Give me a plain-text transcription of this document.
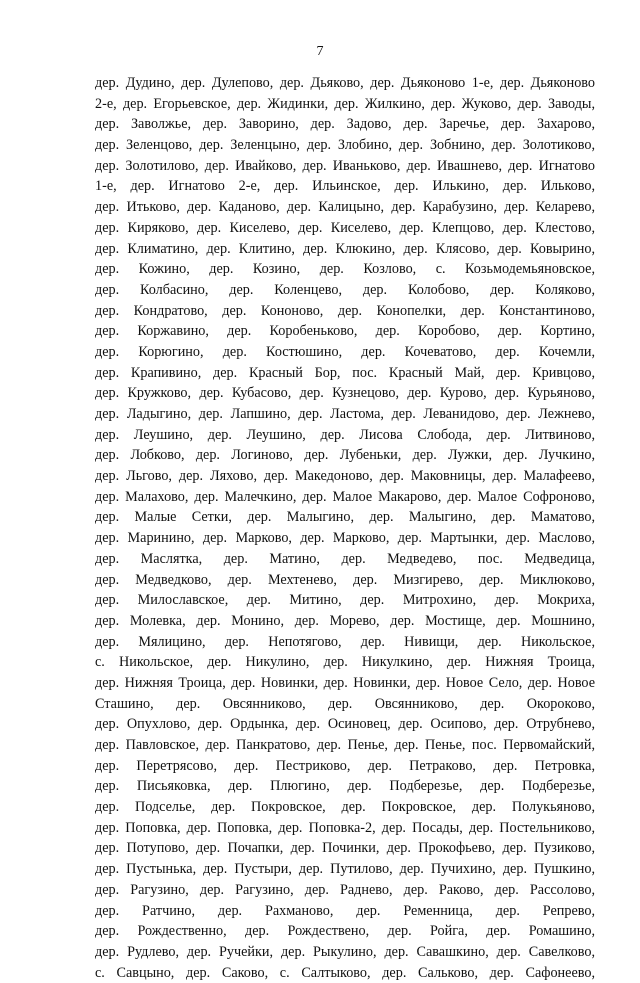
7
дер. Дудино, дер. Дулепово, дер. Дьяково, дер. Дьяконово 1-е, дер. Дьяконово
2-е, дер. Егорьевское, дер. Жидинки, дер. Жилкино, дер. Жуково, дер. Заводы,
дер. Заволжье, дер. Заворино, дер. Задово, дер. Заречье, дер. Захарово,
дер. Зеленцово, дер. Зеленцыно, дер. Злобино, дер. Зобнино, дер. Золотиково,
дер. Золотилово, дер. Ивайково, дер. Иваньково, дер. Ивашнево, дер. Игнатово
1-е, дер. Игнатово 2-е, дер. Ильинское, дер. Илькино, дер. Ильково,
дер. Итьково, дер. Каданово, дер. Калицыно, дер. Карабузино, дер. Келарево,
дер. Киряково, дер. Киселево, дер. Киселево, дер. Клепцово, дер. Клестово,
дер. Климатино, дер. Клитино, дер. Клюкино, дер. Клясово, дер. Ковырино,
дер. Кожино, дер. Козино, дер. Козлово, с. Козьмодемьяновское,
дер. Колбасино, дер. Коленцево, дер. Колобово, дер. Коляково,
дер. Кондратово, дер. Кононово, дер. Конопелки, дер. Константиново,
дер. Коржавино, дер. Коробеньково, дер. Коробово, дер. Кортино,
дер. Корюгино, дер. Костюшино, дер. Кочеватово, дер. Кочемли,
дер. Крапивино, дер. Красный Бор, пос. Красный Май, дер. Кривцово,
дер. Кружково, дер. Кубасово, дер. Кузнецово, дер. Курово, дер. Курьяново,
дер. Ладыгино, дер. Лапшино, дер. Ластома, дер. Леванидово, дер. Лежнево,
дер. Леушино, дер. Леушино, дер. Лисова Слобода, дер. Литвиново,
дер. Лобково, дер. Логиново, дер. Лубеньки, дер. Лужки, дер. Лучкино,
дер. Льгово, дер. Ляхово, дер. Македоново, дер. Маковницы, дер. Малафеево,
дер. Малахово, дер. Малечкино, дер. Малое Макарово, дер. Малое Софроново,
дер. Малые Сетки, дер. Малыгино, дер. Малыгино, дер. Маматово,
дер. Маринино, дер. Марково, дер. Марково, дер. Мартынки, дер. Маслово,
дер. Маслятка, дер. Матино, дер. Медведево, пос. Медведица,
дер. Медведково, дер. Мехтеневo, дер. Мизгирево, дер. Миклюково,
дер. Милославское, дер. Митино, дер. Митрохино, дер. Мокриха,
дер. Молевка, дер. Монино, дер. Морево, дер. Мостище, дер. Мошнино,
дер. Мялицино, дер. Непотягово, дер. Нивищи, дер. Никольское,
с. Никольское, дер. Никулино, дер. Никулкино, дер. Нижняя Троица,
дер. Нижняя Троица, дер. Новинки, дер. Новинки, дер. Новое Село, дер. Новое
Сташино, дер. Овсянниково, дер. Овсянниково, дер. Окороково,
дер. Опухлово, дер. Ордынка, дер. Осиновец, дер. Осипово, дер. Отрубнево,
дер. Павловское, дер. Панкратово, дер. Пенье, дер. Пенье, пос. Первомайский,
дер. Перетрясово, дер. Пестриково, дер. Петраково, дер. Петровка,
дер. Письяковка, дер. Плюгино, дер. Подберезье, дер. Подберезье,
дер. Подселье, дер. Покровское, дер. Покровское, дер. Полукьяново,
дер. Поповка, дер. Поповка, дер. Поповка-2, дер. Посады, дер. Постельниково,
дер. Потупово, дер. Почапки, дер. Починки, дер. Прокофьево, дер. Пузиково,
дер. Пустынька, дер. Пустыри, дер. Путилово, дер. Пучихино, дер. Пушкино,
дер. Рагузино, дер. Рагузино, дер. Раднево, дер. Раково, дер. Рассолово,
дер. Ратчино, дер. Рахманово, дер. Ременница, дер. Репрево,
дер. Рождественно, дер. Рождествено, дер. Ройга, дер. Ромашино,
дер. Рудлево, дер. Ручейки, дер. Рыкулино, дер. Савашкино, дер. Савелково,
с. Савцыно, дер. Саково, с. Салтыково, дер. Сальково, дер. Сафонеево,
